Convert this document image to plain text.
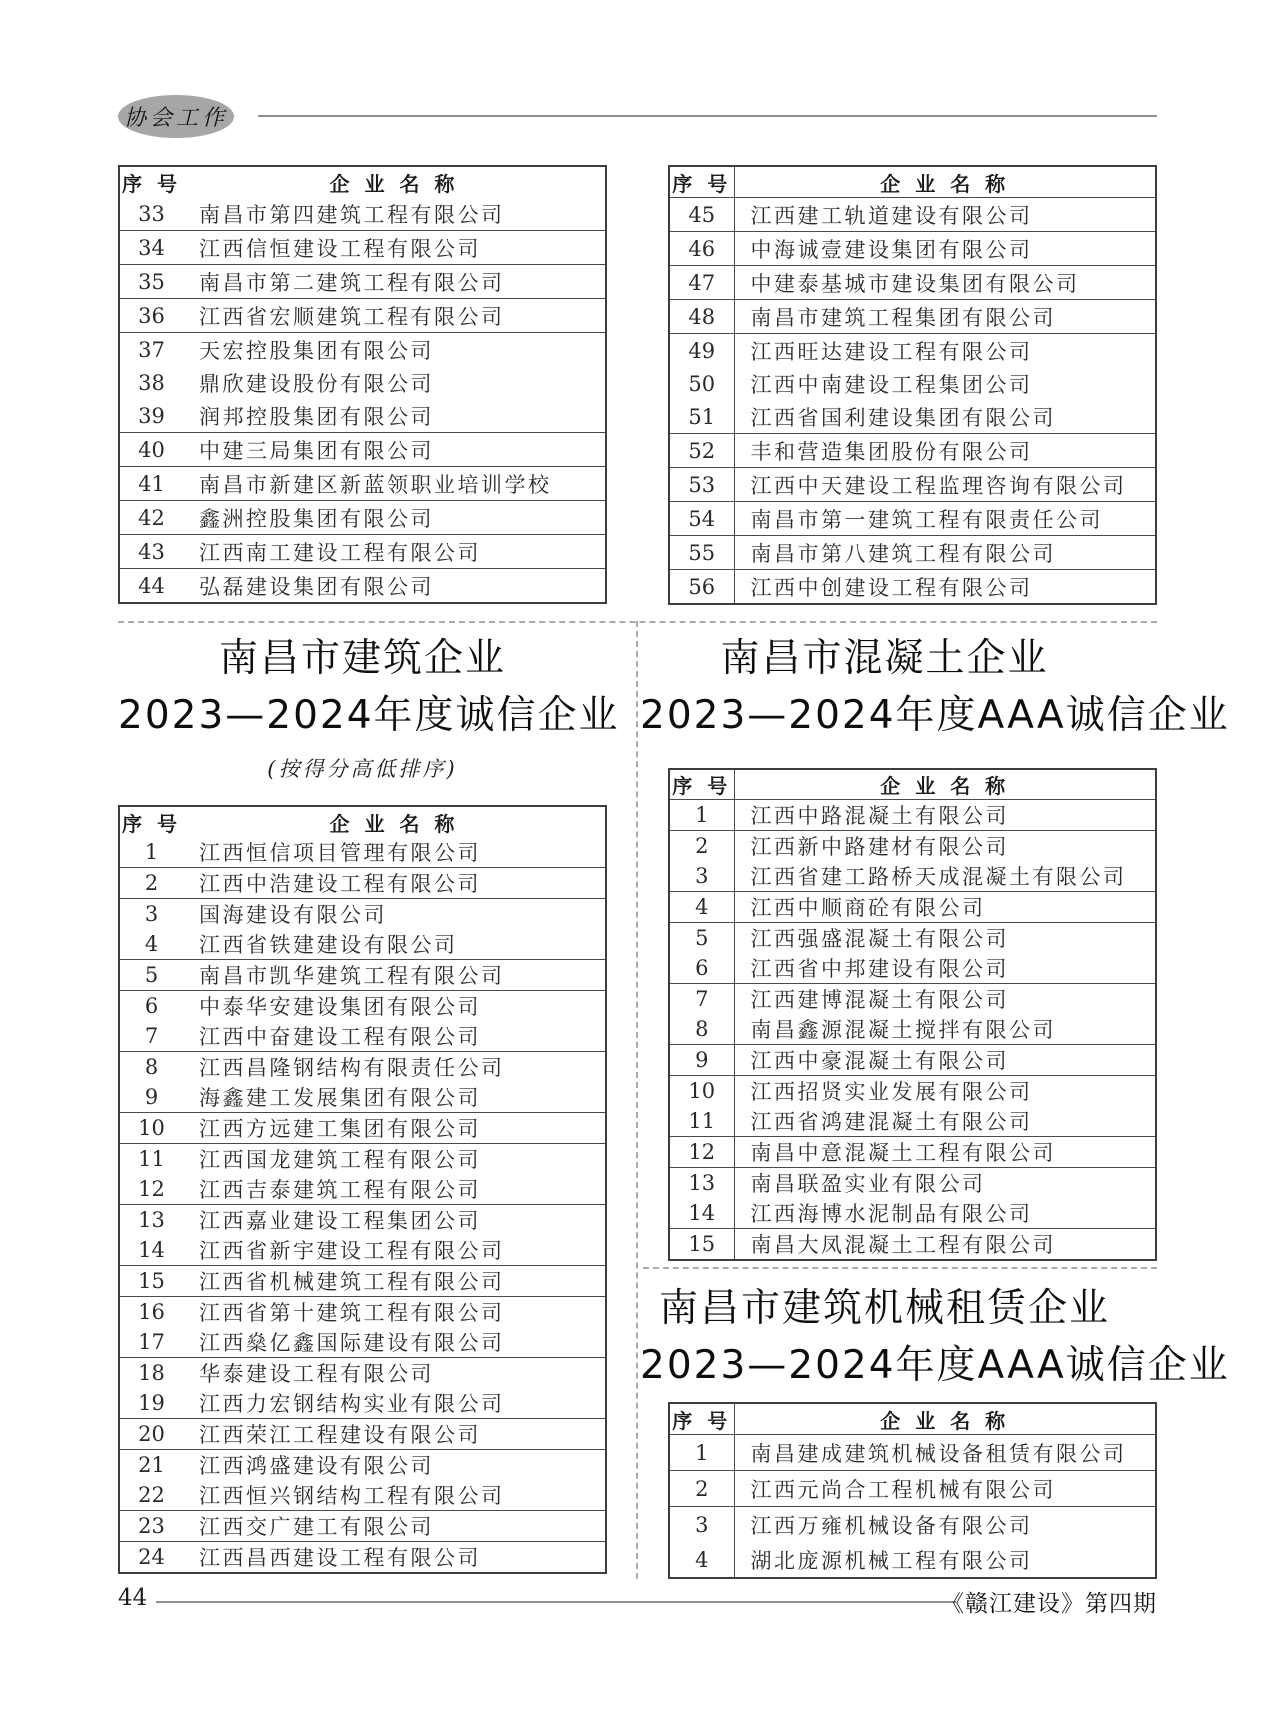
协会工作
序 号	企 业 名 称
33	南昌市第四建筑工程有限公司
34	江西信恒建设工程有限公司
35	南昌市第二建筑工程有限公司
36	江西省宏顺建筑工程有限公司
37	天宏控股集团有限公司
38	鼎欣建设股份有限公司
39	润邦控股集团有限公司
40	中建三局集团有限公司
41	南昌市新建区新蓝领职业培训学校
42	鑫洲控股集团有限公司
43	江西南工建设工程有限公司
44	弘磊建设集团有限公司
序 号	企 业 名 称
45	江西建工轨道建设有限公司
46	中海诚壹建设集团有限公司
47	中建泰基城市建设集团有限公司
48	南昌市建筑工程集团有限公司
49	江西旺达建设工程有限公司
50	江西中南建设工程集团公司
51	江西省国利建设集团有限公司
52	丰和营造集团股份有限公司
53	江西中天建设工程监理咨询有限公司
54	南昌市第一建筑工程有限责任公司
55	南昌市第八建筑工程有限公司
56	江西中创建设工程有限公司
南昌市建筑企业
2023—2024年度诚信企业
(按得分高低排序)
序 号	企 业 名 称
1	江西恒信项目管理有限公司
2	江西中浩建设工程有限公司
3	国海建设有限公司
4	江西省铁建建设有限公司
5	南昌市凯华建筑工程有限公司
6	中泰华安建设集团有限公司
7	江西中奋建设工程有限公司
8	江西昌隆钢结构有限责任公司
9	海鑫建工发展集团有限公司
10	江西方远建工集团有限公司
11	江西国龙建筑工程有限公司
12	江西吉泰建筑工程有限公司
13	江西嘉业建设工程集团公司
14	江西省新宇建设工程有限公司
15	江西省机械建筑工程有限公司
16	江西省第十建筑工程有限公司
17	江西燊亿鑫国际建设有限公司
18	华泰建设工程有限公司
19	江西力宏钢结构实业有限公司
20	江西荣江工程建设有限公司
21	江西鸿盛建设有限公司
22	江西恒兴钢结构工程有限公司
23	江西交广建工有限公司
24	江西昌西建设工程有限公司
南昌市混凝土企业
2023—2024年度AAA诚信企业
序 号	企 业 名 称
1	江西中路混凝土有限公司
2	江西新中路建材有限公司
3	江西省建工路桥天成混凝土有限公司
4	江西中顺商砼有限公司
5	江西强盛混凝土有限公司
6	江西省中邦建设有限公司
7	江西建博混凝土有限公司
8	南昌鑫源混凝土搅拌有限公司
9	江西中豪混凝土有限公司
10	江西招贤实业发展有限公司
11	江西省鸿建混凝土有限公司
12	南昌中意混凝土工程有限公司
13	南昌联盈实业有限公司
14	江西海博水泥制品有限公司
15	南昌大凤混凝土工程有限公司
南昌市建筑机械租赁企业
2023—2024年度AAA诚信企业
序 号	企 业 名 称
1	南昌建成建筑机械设备租赁有限公司
2	江西元尚合工程机械有限公司
3	江西万雍机械设备有限公司
4	湖北庞源机械工程有限公司
44	《赣江建设》第四期
